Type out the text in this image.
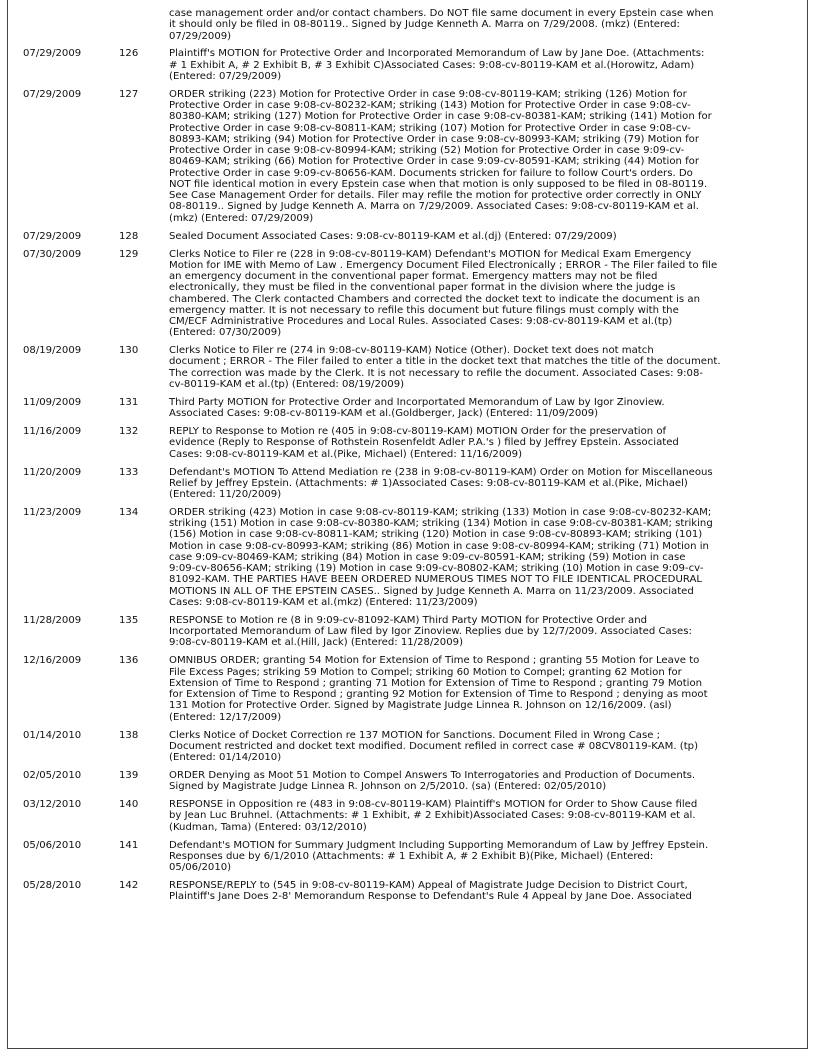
case management order and/or contact chambers. Do NOT file same document in every Epstein case when
it should only be filed in 08-80119.. Signed by Judge Kenneth A. Marra on 7/29/2008. (mkz) (Entered:
07/29/2009)
07/29/2009	126	Plaintiff's MOTION for Protective Order and Incorporated Memorandum of Law by Jane Doe. (Attachments:
# 1 Exhibit A, # 2 Exhibit B, # 3 Exhibit C)Associated Cases: 9:08-cv-80119-KAM et al.(Horowitz, Adam)
(Entered: 07/29/2009)
07/29/2009	127	ORDER striking (223) Motion for Protective Order in case 9:08-cv-80119-KAM; striking (126) Motion for
Protective Order in case 9:08-cv-80232-KAM; striking (143) Motion for Protective Order in case 9:08-cv-
80380-KAM; striking (127) Motion for Protective Order in case 9:08-cv-80381-KAM; striking (141) Motion for
Protective Order in case 9:08-cv-80811-KAM; striking (107) Motion for Protective Order in case 9:08-cv-
80893-KAM; striking (94) Motion for Protective Order in case 9:08-cv-80993-KAM; striking (79) Motion for
Protective Order in case 9:08-cv-80994-KAM; striking (52) Motion for Protective Order in case 9:09-cv-
80469-KAM; striking (66) Motion for Protective Order in case 9:09-cv-80591-KAM; striking (44) Motion for
Protective Order in case 9:09-cv-80656-KAM. Documents stricken for failure to follow Court's orders. Do
NOT file identical motion in every Epstein case when that motion is only supposed to be filed in 08-80119.
See Case Management Order for details. Filer may refile the motion for protective order correctly in ONLY
08-80119.. Signed by Judge Kenneth A. Marra on 7/29/2009. Associated Cases: 9:08-cv-80119-KAM et al.
(mkz) (Entered: 07/29/2009)
07/29/2009	128	Sealed Document Associated Cases: 9:08-cv-80119-KAM et al.(dj) (Entered: 07/29/2009)
07/30/2009	129	Clerks Notice to Filer re (228 in 9:08-cv-80119-KAM) Defendant's MOTION for Medical Exam Emergency
Motion for IME with Memo of Law . Emergency Document Filed Electronically ; ERROR - The Filer failed to file
an emergency document in the conventional paper format. Emergency matters may not be filed
electronically, they must be filed in the conventional paper format in the division where the judge is
chambered. The Clerk contacted Chambers and corrected the docket text to indicate the document is an
emergency matter. It is not necessary to refile this document but future filings must comply with the
CM/ECF Administrative Procedures and Local Rules. Associated Cases: 9:08-cv-80119-KAM et al.(tp)
(Entered: 07/30/2009)
08/19/2009	130	Clerks Notice to Filer re (274 in 9:08-cv-80119-KAM) Notice (Other). Docket text does not match
document ; ERROR - The Filer failed to enter a title in the docket text that matches the title of the document.
The correction was made by the Clerk. It is not necessary to refile the document. Associated Cases: 9:08-
cv-80119-KAM et al.(tp) (Entered: 08/19/2009)
11/09/2009	131	Third Party MOTION for Protective Order and Incorportated Memorandum of Law by Igor Zinoview.
Associated Cases: 9:08-cv-80119-KAM et al.(Goldberger, Jack) (Entered: 11/09/2009)
11/16/2009	132	REPLY to Response to Motion re (405 in 9:08-cv-80119-KAM) MOTION Order for the preservation of
evidence (Reply to Response of Rothstein Rosenfeldt Adler P.A.'s ) filed by Jeffrey Epstein. Associated
Cases: 9:08-cv-80119-KAM et al.(Pike, Michael) (Entered: 11/16/2009)
11/20/2009	133	Defendant's MOTION To Attend Mediation re (238 in 9:08-cv-80119-KAM) Order on Motion for Miscellaneous
Relief by Jeffrey Epstein. (Attachments: # 1)Associated Cases: 9:08-cv-80119-KAM et al.(Pike, Michael)
(Entered: 11/20/2009)
11/23/2009	134	ORDER striking (423) Motion in case 9:08-cv-80119-KAM; striking (133) Motion in case 9:08-cv-80232-KAM;
striking (151) Motion in case 9:08-cv-80380-KAM; striking (134) Motion in case 9:08-cv-80381-KAM; striking
(156) Motion in case 9:08-cv-80811-KAM; striking (120) Motion in case 9:08-cv-80893-KAM; striking (101)
Motion in case 9:08-cv-80993-KAM; striking (86) Motion in case 9:08-cv-80994-KAM; striking (71) Motion in
case 9:09-cv-80469-KAM; striking (84) Motion in case 9:09-cv-80591-KAM; striking (59) Motion in case
9:09-cv-80656-KAM; striking (19) Motion in case 9:09-cv-80802-KAM; striking (10) Motion in case 9:09-cv-
81092-KAM. THE PARTIES HAVE BEEN ORDERED NUMEROUS TIMES NOT TO FILE IDENTICAL PROCEDURAL
MOTIONS IN ALL OF THE EPSTEIN CASES.. Signed by Judge Kenneth A. Marra on 11/23/2009. Associated
Cases: 9:08-cv-80119-KAM et al.(mkz) (Entered: 11/23/2009)
11/28/2009	135	RESPONSE to Motion re (8 in 9:09-cv-81092-KAM) Third Party MOTION for Protective Order and
Incorportated Memorandum of Law filed by Igor Zinoview. Replies due by 12/7/2009. Associated Cases:
9:08-cv-80119-KAM et al.(Hill, Jack) (Entered: 11/28/2009)
12/16/2009	136	OMNIBUS ORDER; granting 54 Motion for Extension of Time to Respond ; granting 55 Motion for Leave to
File Excess Pages; striking 59 Motion to Compel; striking 60 Motion to Compel; granting 62 Motion for
Extension of Time to Respond ; granting 71 Motion for Extension of Time to Respond ; granting 79 Motion
for Extension of Time to Respond ; granting 92 Motion for Extension of Time to Respond ; denying as moot
131 Motion for Protective Order. Signed by Magistrate Judge Linnea R. Johnson on 12/16/2009. (asl)
(Entered: 12/17/2009)
01/14/2010	138	Clerks Notice of Docket Correction re 137 MOTION for Sanctions. Document Filed in Wrong Case ;
Document restricted and docket text modified. Document refiled in correct case # 08CV80119-KAM. (tp)
(Entered: 01/14/2010)
02/05/2010	139	ORDER Denying as Moot 51 Motion to Compel Answers To Interrogatories and Production of Documents.
Signed by Magistrate Judge Linnea R. Johnson on 2/5/2010. (sa) (Entered: 02/05/2010)
03/12/2010	140	RESPONSE in Opposition re (483 in 9:08-cv-80119-KAM) Plaintiff's MOTION for Order to Show Cause filed
by Jean Luc Bruhnel. (Attachments: # 1 Exhibit, # 2 Exhibit)Associated Cases: 9:08-cv-80119-KAM et al.
(Kudman, Tama) (Entered: 03/12/2010)
05/06/2010	141	Defendant's MOTION for Summary Judgment Including Supporting Memorandum of Law by Jeffrey Epstein.
Responses due by 6/1/2010 (Attachments: # 1 Exhibit A, # 2 Exhibit B)(Pike, Michael) (Entered:
05/06/2010)
05/28/2010	142	RESPONSE/REPLY to (545 in 9:08-cv-80119-KAM) Appeal of Magistrate Judge Decision to District Court,
Plaintiff's Jane Does 2-8' Memorandum Response to Defendant's Rule 4 Appeal by Jane Doe. Associated
